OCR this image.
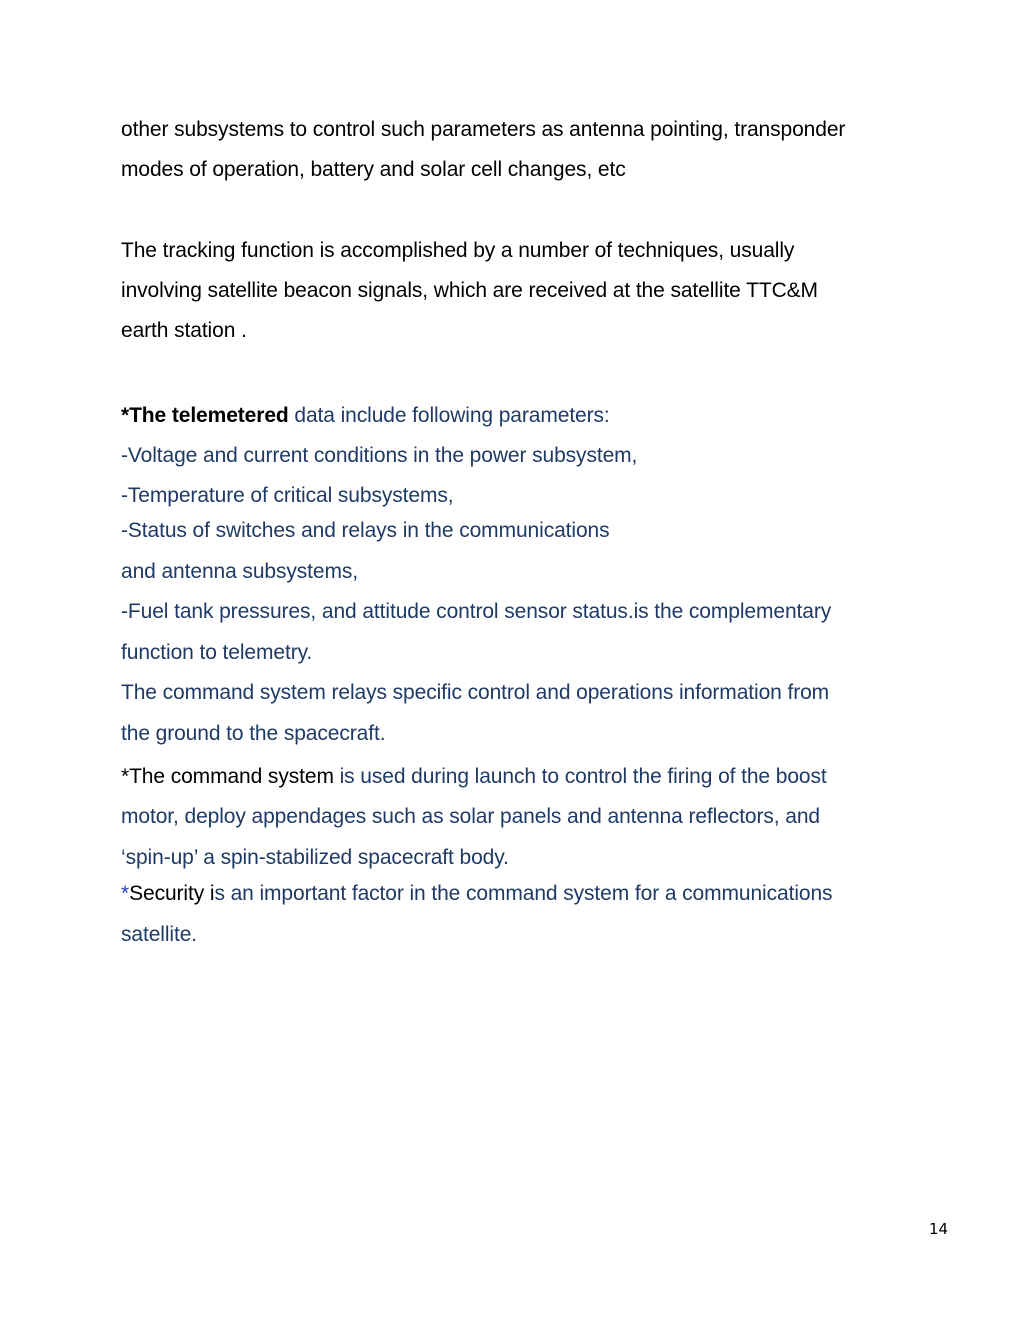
other subsystems to control such parameters as antenna pointing, transponder
modes of operation, battery and solar cell changes, etc
The tracking function is accomplished by a number of techniques, usually
involving satellite beacon signals, which are received at the satellite TTC&M
earth station .
*The telemetered data include following parameters:
-Voltage and current conditions in the power subsystem,
-Temperature of critical subsystems,
-Status of switches and relays in the communications
and antenna subsystems,
-Fuel tank pressures, and attitude control sensor status.is the complementary
function to telemetry.
The command system relays specific control and operations information from
the ground to the spacecraft.
*The command system is used during launch to control the firing of the boost
motor, deploy appendages such as solar panels and antenna reflectors, and
‘spin-up’ a spin-stabilized spacecraft body.
*Security is an important factor in the command system for a communications
satellite.
14
